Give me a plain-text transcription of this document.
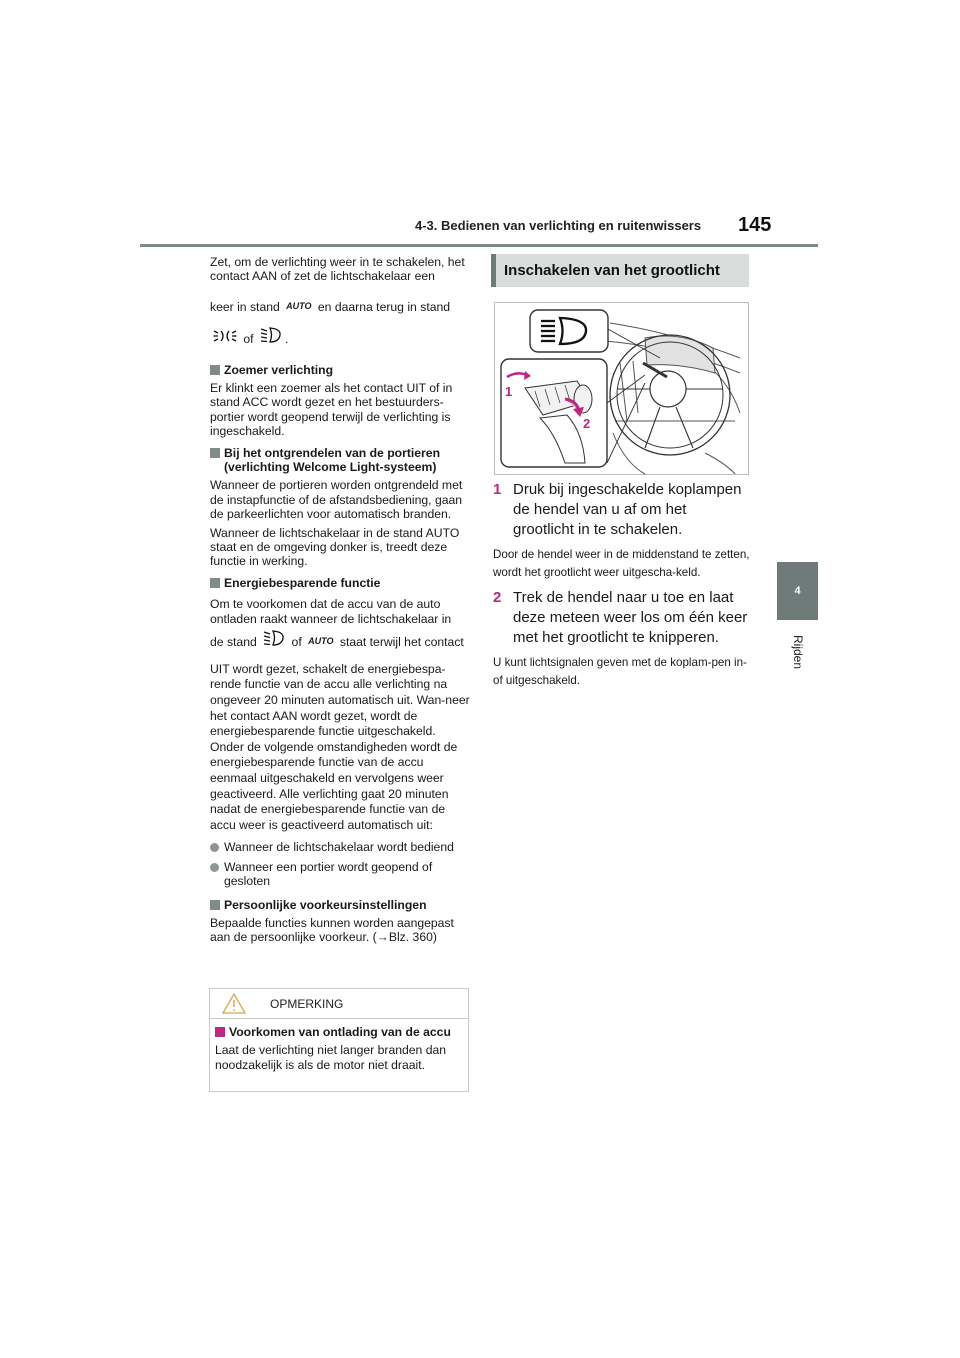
4-3. Bedienen van verlichting en ruitenwissers 145
4
Rijden

Zet, om de verlichting weer in te schakelen, het contact AAN of zet de lichtschakelaar een

keer in stand AUTO en daarna terug in stand

of	.

Zoemer verlichting

Er klinkt een zoemer als het contact UIT of in stand ACC wordt gezet en het bestuurders-portier wordt geopend terwijl de verlichting is ingeschakeld.

Bij het ontgrendelen van de portieren (verlichting Welcome Light-systeem)

Wanneer de portieren worden ontgrendeld met de instapfunctie of de afstandsbediening, gaan de parkeerlichten voor automatisch branden.

Wanneer de lichtschakelaar in de stand AUTO staat en de omgeving donker is, treedt deze functie in werking.

Energiebesparende functie

Om te voorkomen dat de accu van de auto ontladen raakt wanneer de lichtschakelaar in

de stand	of AUTO staat terwijl het contact

UIT wordt gezet, schakelt de energiebespa-rende functie van de accu alle verlichting na ongeveer 20 minuten automatisch uit. Wan-neer het contact AAN wordt gezet, wordt de energiebesparende functie uitgeschakeld. Onder de volgende omstandigheden wordt de energiebesparende functie van de accu eenmaal uitgeschakeld en vervolgens weer geactiveerd. Alle verlichting gaat 20 minuten nadat de energiebesparende functie van de accu weer is geactiveerd automatisch uit:

Wanneer de lichtschakelaar wordt bediend
Wanneer een portier wordt geopend of gesloten
Persoonlijke voorkeursinstellingen

Bepaalde functies kunnen worden aangepast aan de persoonlijke voorkeur. (→Blz. 360)

OPMERKING
Voorkomen van ontlading van de accu

Laat de verlichting niet langer branden dan noodzakelijk is als de motor niet draait.

Inschakelen van het grootlicht
1
2
1 Druk bij ingeschakelde koplampen de hendel van u af om het grootlicht in te schakelen.

Door de hendel weer in de middenstand te zetten, wordt het grootlicht weer uitgescha-keld.

2 Trek de hendel naar u toe en laat deze meteen weer los om één keer met het grootlicht te knipperen.

U kunt lichtsignalen geven met de koplam-pen in- of uitgeschakeld.
